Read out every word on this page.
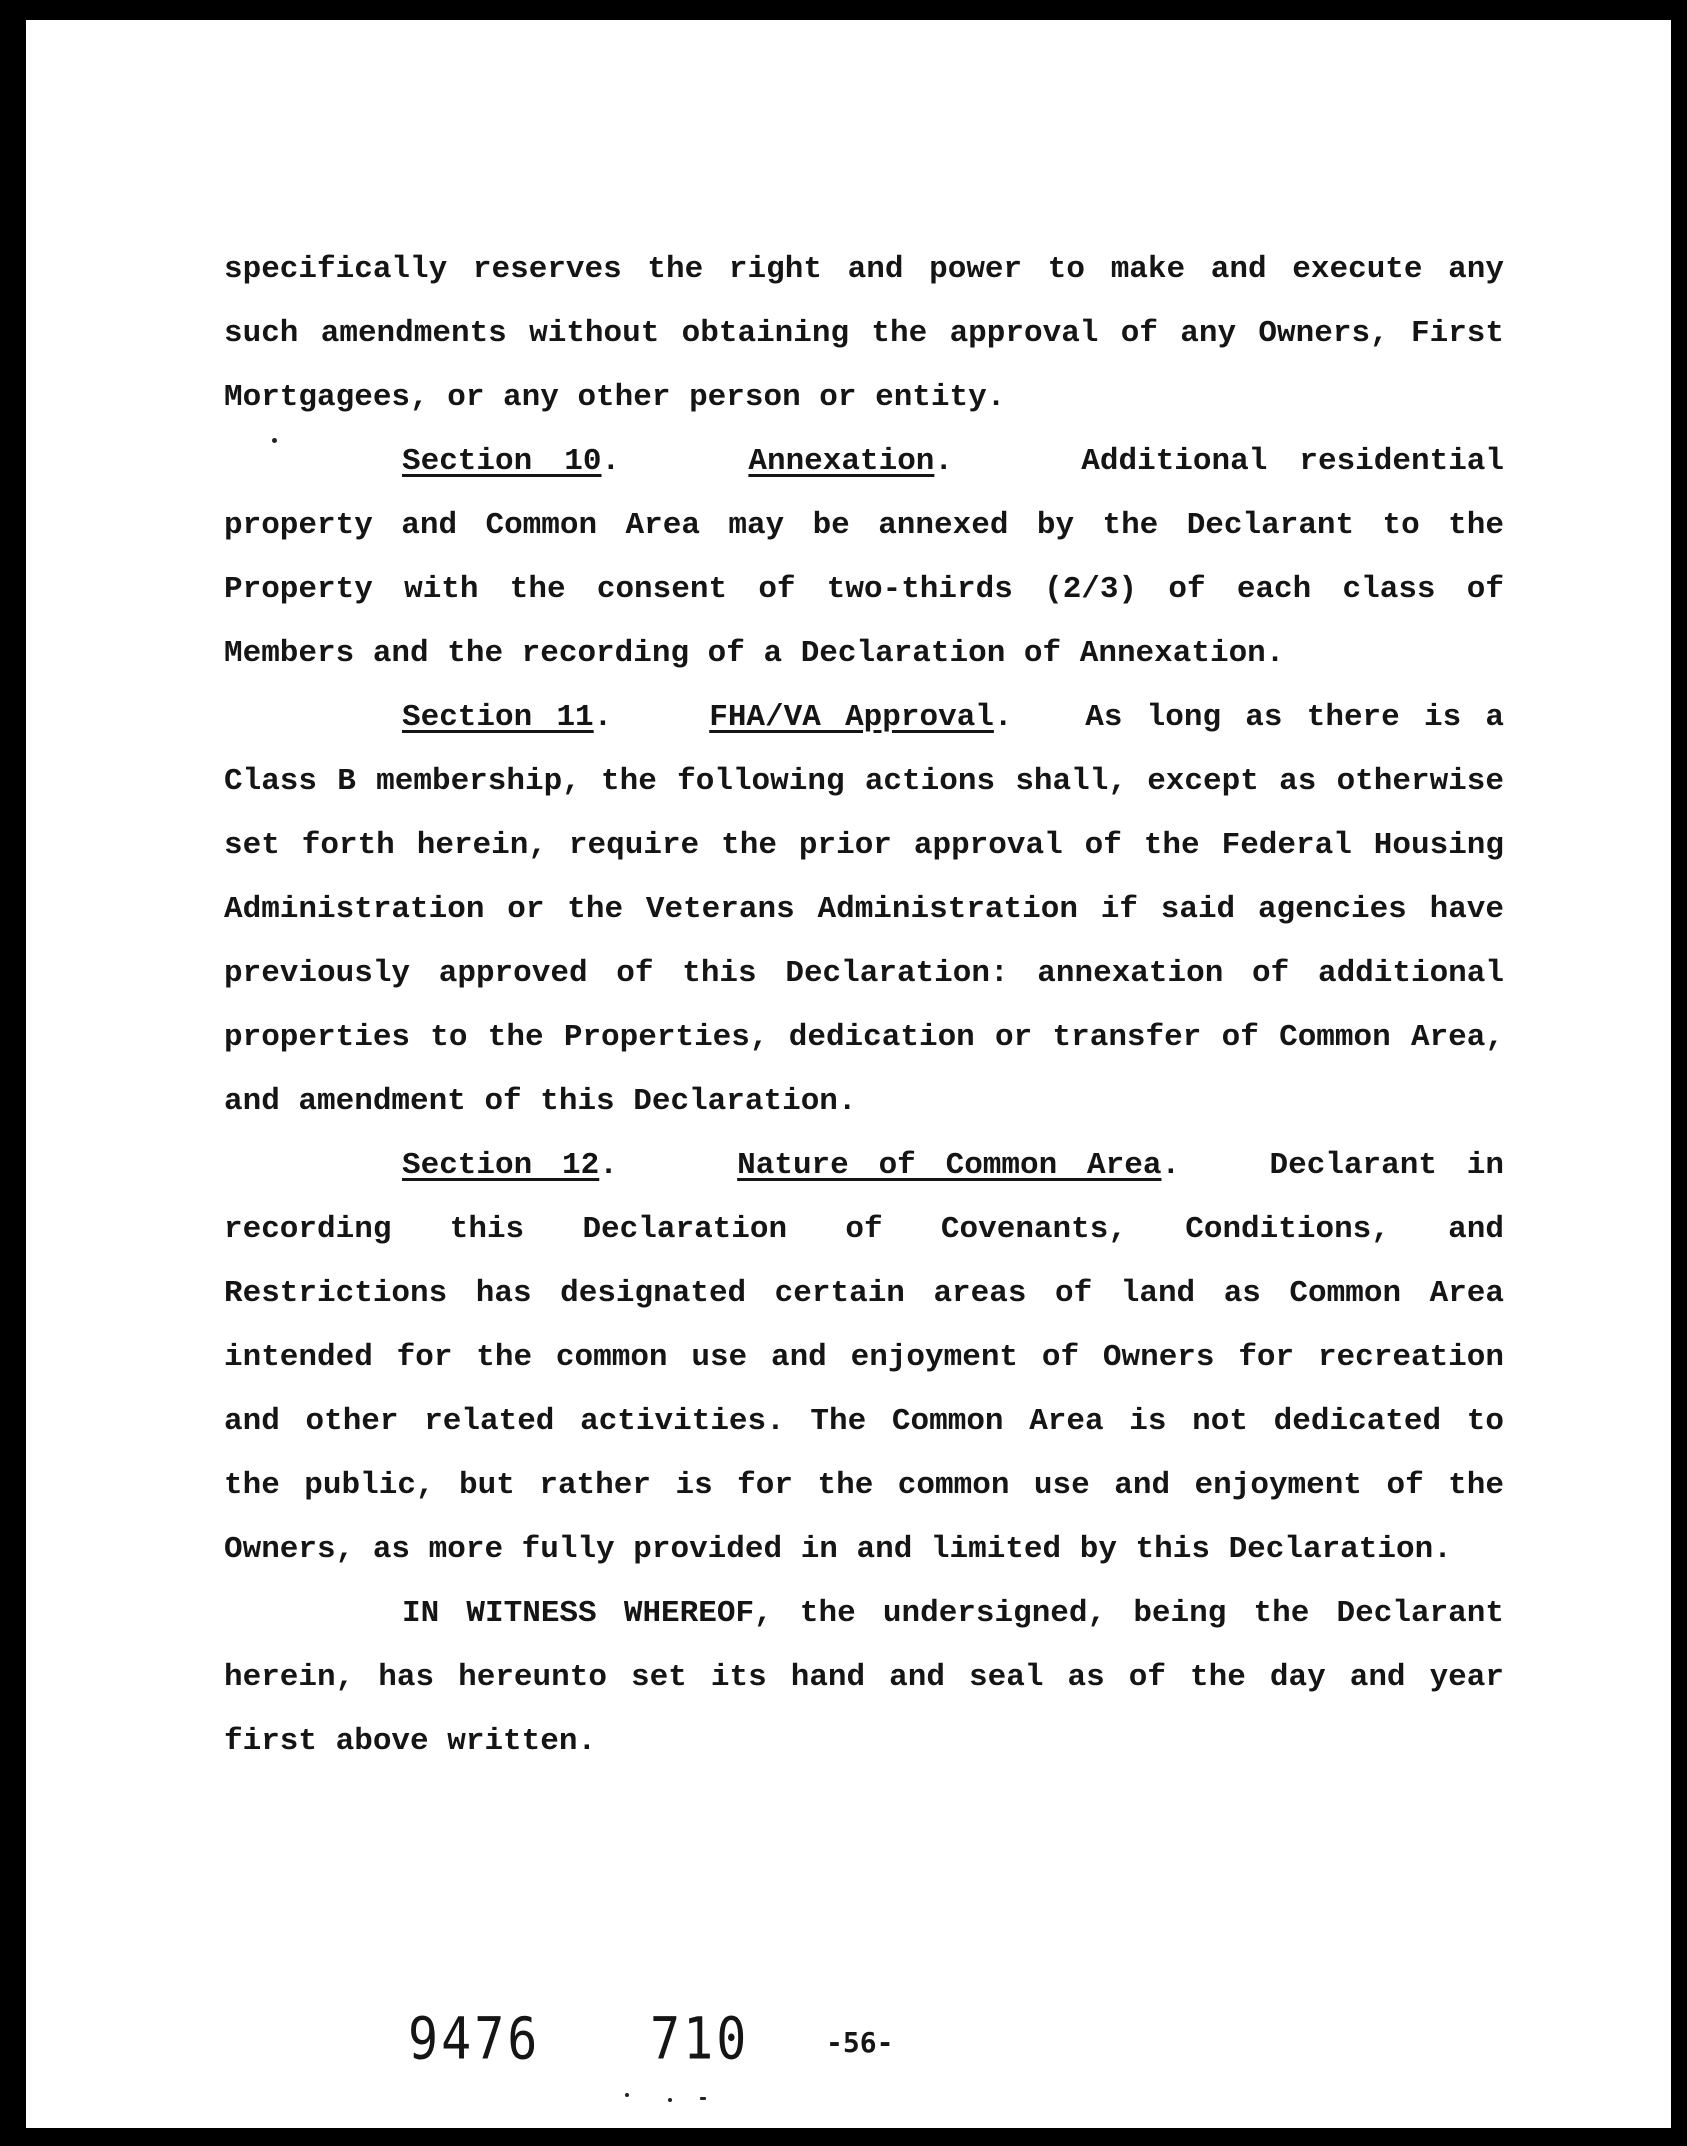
specifically reserves the right and power to make and execute any such amendments without obtaining the approval of any Owners, First Mortgagees, or any other person or entity.

Section 10.    Annexation.    Additional residential property and Common Area may be annexed by the Declarant to the Property with the consent of two-thirds (2/3) of each class of Members and the recording of a Declaration of Annexation.

Section 11.    FHA/VA Approval.   As long as there is a Class B membership, the following actions shall, except as otherwise set forth herein, require the prior approval of the Federal Housing Administration or the Veterans Administration if said agencies have previously approved of this Declaration: annexation of additional properties to the Properties, dedication or transfer of Common Area, and amendment of this Declaration.

Section 12.    Nature of Common Area.   Declarant in recording this Declaration of Covenants, Conditions, and Restrictions has designated certain areas of land as Common Area intended for the common use and enjoyment of Owners for recreation and other related activities. The Common Area is not dedicated to the public, but rather is for the common use and enjoyment of the Owners, as more fully provided in and limited by this Declaration.

IN WITNESS WHEREOF, the undersigned, being the Declarant herein, has hereunto set its hand and seal as of the day and year first above written.

9476 710	-56-
